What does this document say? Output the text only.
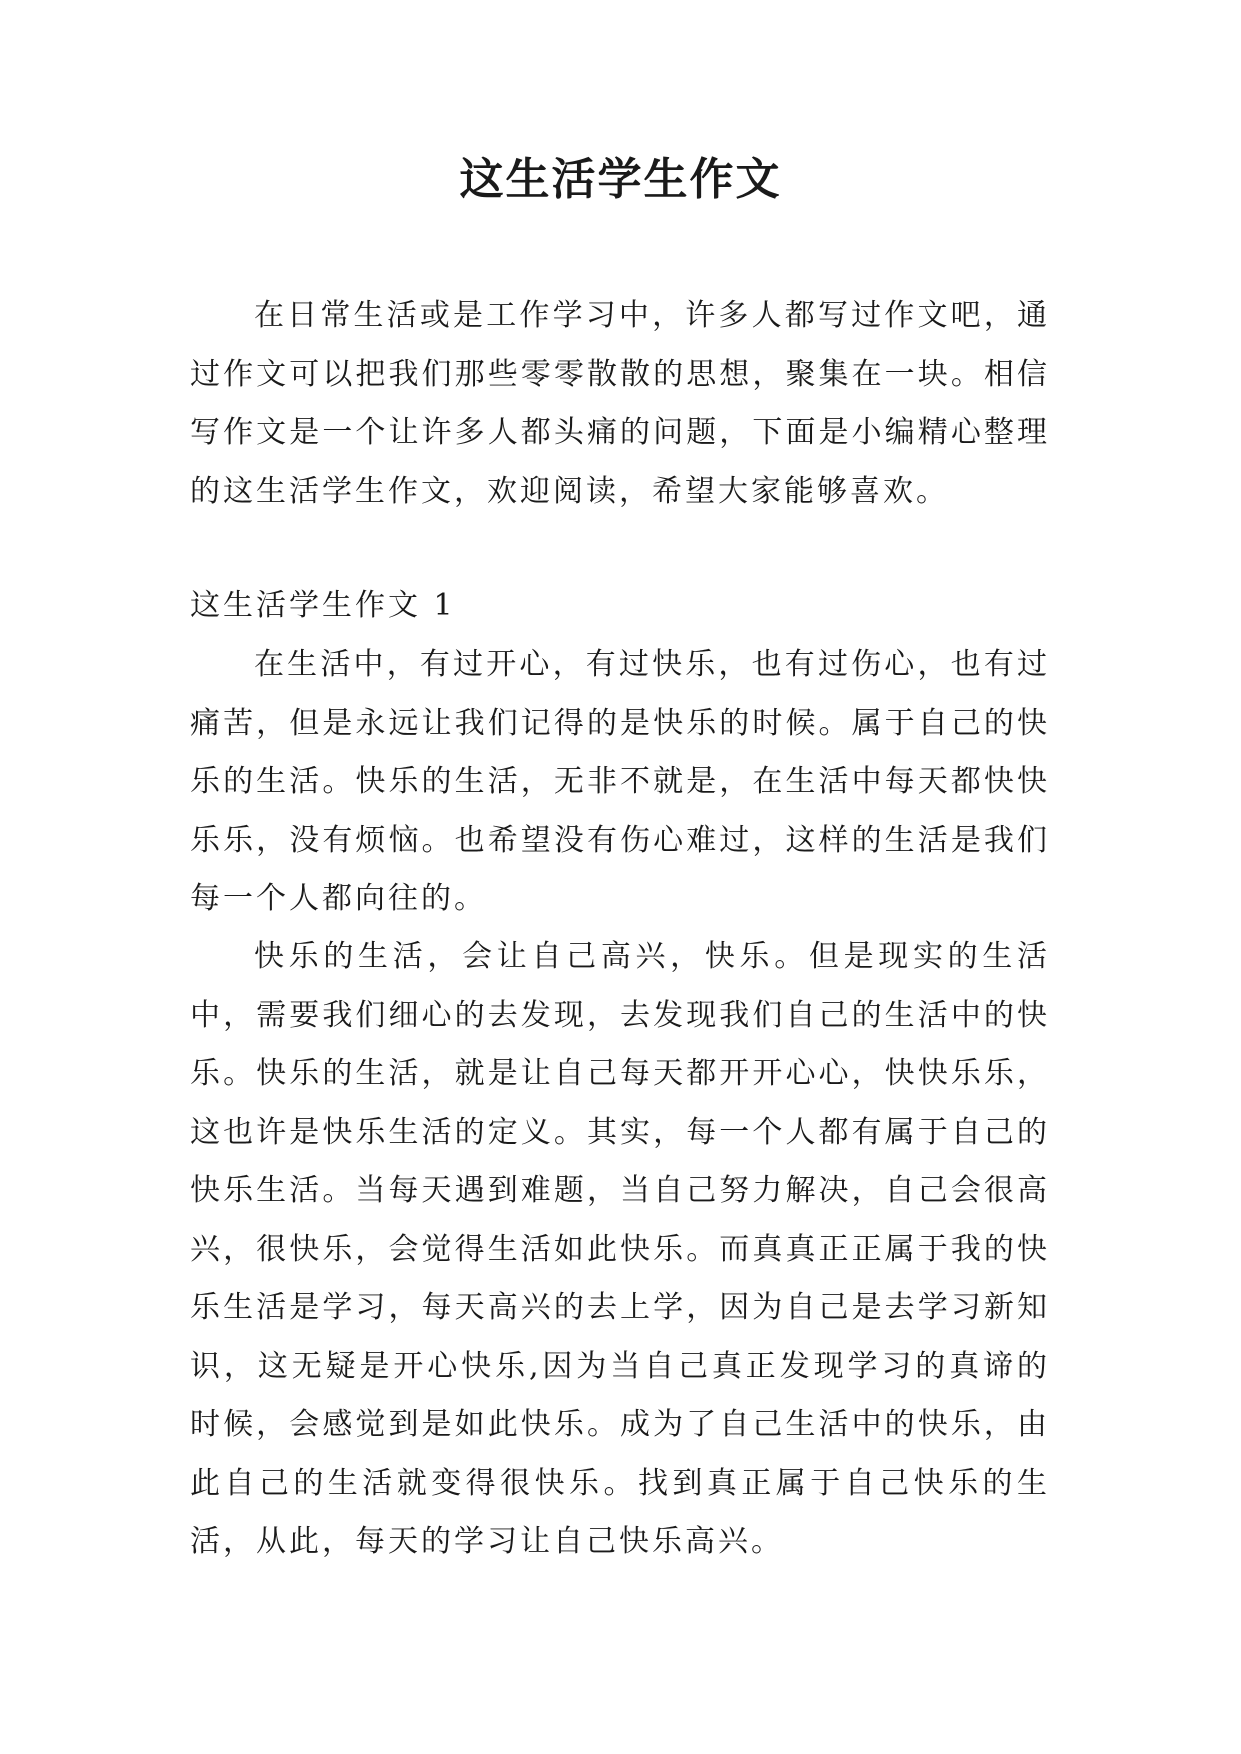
这生活学生作文

在日常生活或是工作学习中，许多人都写过作文吧，通过作文可以把我们那些零零散散的思想，聚集在一块。相信写作文是一个让许多人都头痛的问题，下面是小编精心整理的这生活学生作文，欢迎阅读，希望大家能够喜欢。

这生活学生作文 1

在生活中，有过开心，有过快乐，也有过伤心，也有过痛苦，但是永远让我们记得的是快乐的时候。属于自己的快乐的生活。快乐的生活，无非不就是，在生活中每天都快快乐乐，没有烦恼。也希望没有伤心难过，这样的生活是我们每一个人都向往的。

快乐的生活，会让自己高兴，快乐。但是现实的生活中，需要我们细心的去发现，去发现我们自己的生活中的快乐。快乐的生活，就是让自己每天都开开心心，快快乐乐，这也许是快乐生活的定义。其实，每一个人都有属于自己的快乐生活。当每天遇到难题，当自己努力解决，自己会很高兴，很快乐，会觉得生活如此快乐。而真真正正属于我的快乐生活是学习，每天高兴的去上学，因为自己是去学习新知识，这无疑是开心快乐,因为当自己真正发现学习的真谛的时候，会感觉到是如此快乐。成为了自己生活中的快乐，由此自己的生活就变得很快乐。找到真正属于自己快乐的生活，从此，每天的学习让自己快乐高兴。
